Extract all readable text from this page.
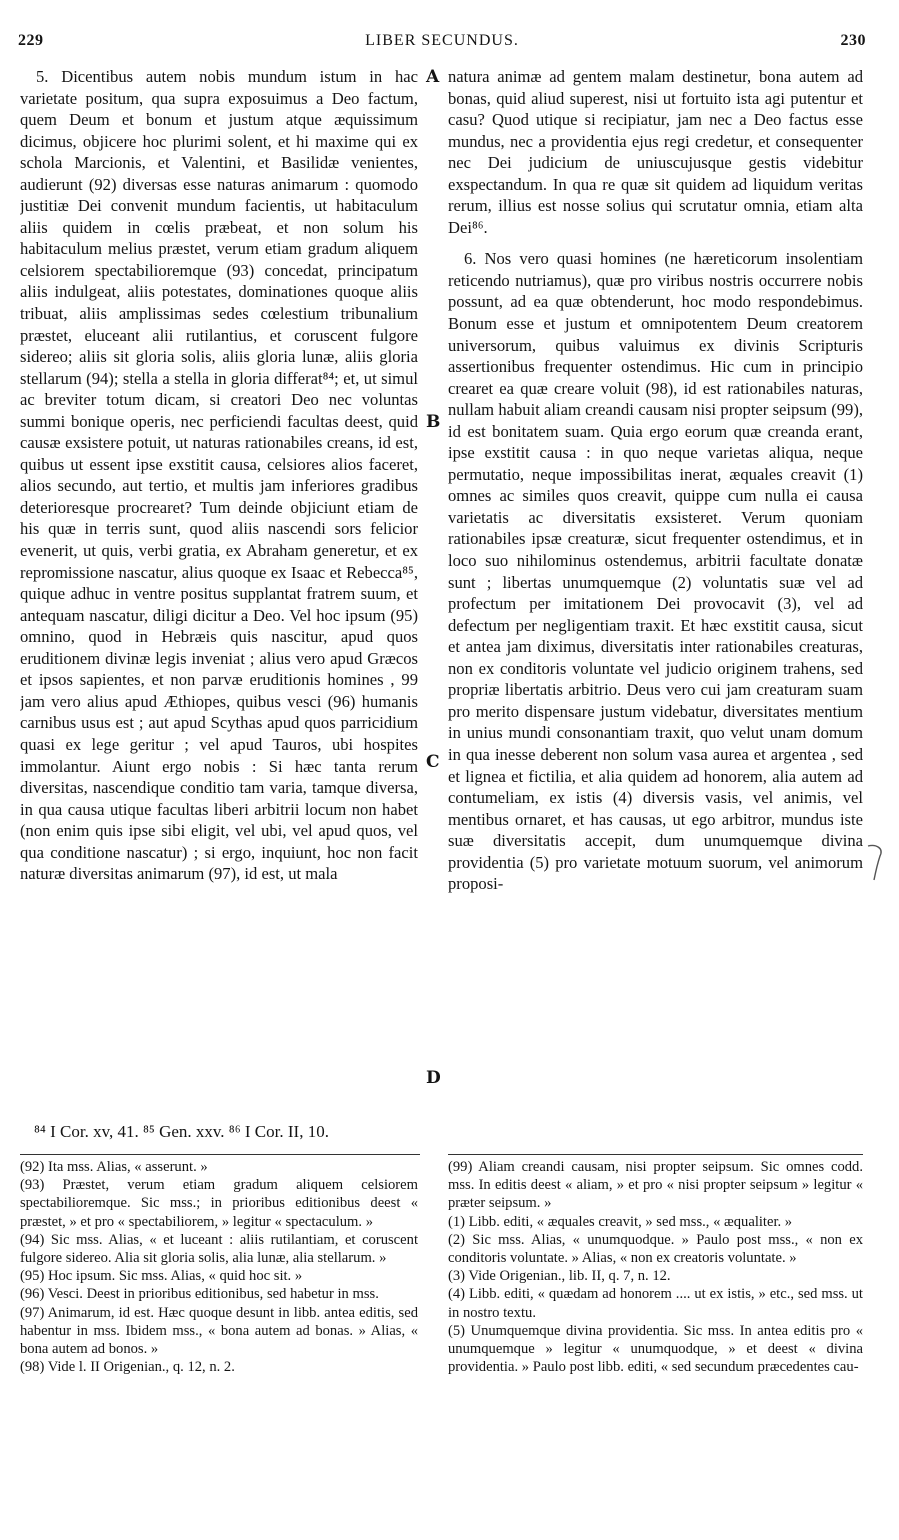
229	LIBER SECUNDUS.	230

5. Dicentibus autem nobis mundum istum in hac varietate positum, qua supra exposuimus a Deo factum, quem Deum et bonum et justum atque æquissimum dicimus, objicere hoc plurimi solent, et hi maxime qui ex schola Marcionis, et Valentini, et Basilidæ venientes, audierunt (92) diversas esse naturas animarum : quomodo justitiæ Dei convenit mundum facientis, ut habitaculum aliis quidem in cœlis præbeat, et non solum his habitaculum melius præstet, verum etiam gradum aliquem celsiorem spectabilioremque (93) concedat, principatum aliis indulgeat, aliis potestates, dominationes quoque aliis tribuat, aliis amplissimas sedes cœlestium tribunalium præstet, eluceant alii rutilantius, et coruscent fulgore sidereo; aliis sit gloria solis, aliis gloria lunæ, aliis gloria stellarum (94); stella a stella in gloria differat⁸⁴; et, ut simul ac breviter totum dicam, si creatori Deo nec voluntas summi bonique operis, nec perficiendi facultas deest, quid causæ exsistere potuit, ut naturas rationabiles creans, id est, quibus ut essent ipse exstitit causa, celsiores alios faceret, alios secundo, aut tertio, et multis jam inferiores gradibus deterioresque procrearet? Tum deinde objiciunt etiam de his quæ in terris sunt, quod aliis nascendi sors felicior evenerit, ut quis, verbi gratia, ex Abraham generetur, et ex repromissione nascatur, alius quoque ex Isaac et Rebecca⁸⁵, quique adhuc in ventre positus supplantat fratrem suum, et antequam nascatur, diligi dicitur a Deo. Vel hoc ipsum (95) omnino, quod in Hebræis quis nascitur, apud quos eruditionem divinæ legis inveniat ; alius vero apud Græcos et ipsos sapientes, et non parvæ eruditionis homines , 99 jam vero alius apud Æthiopes, quibus vesci (96) humanis carnibus usus est ; aut apud Scythas apud quos parricidium quasi ex lege geritur ; vel apud Tauros, ubi hospites immolantur. Aiunt ergo nobis : Si hæc tanta rerum diversitas, nascendique conditio tam varia, tamque diversa, in qua causa utique facultas liberi arbitrii locum non habet (non enim quis ipse sibi eligit, vel ubi, vel apud quos, vel qua conditione nascatur) ; si ergo, inquiunt, hoc non facit naturæ diversitas animarum (97), id est, ut mala

natura animæ ad gentem malam destinetur, bona autem ad bonas, quid aliud superest, nisi ut fortuito ista agi putentur et casu? Quod utique si recipiatur, jam nec a Deo factus esse mundus, nec a providentia ejus regi credetur, et consequenter nec Dei judicium de uniuscujusque gestis videbitur exspectandum. In qua re quæ sit quidem ad liquidum veritas rerum, illius est nosse solius qui scrutatur omnia, etiam alta Dei⁸⁶.

6. Nos vero quasi homines (ne hæreticorum insolentiam reticendo nutriamus), quæ pro viribus nostris occurrere nobis possunt, ad ea quæ obtenderunt, hoc modo respondebimus. Bonum esse et justum et omnipotentem Deum creatorem universorum, quibus valuimus ex divinis Scripturis assertionibus frequenter ostendimus. Hic cum in principio crearet ea quæ creare voluit (98), id est rationabiles naturas, nullam habuit aliam creandi causam nisi propter seipsum (99), id est bonitatem suam. Quia ergo eorum quæ creanda erant, ipse exstitit causa : in quo neque varietas aliqua, neque permutatio, neque impossibilitas inerat, æquales creavit (1) omnes ac similes quos creavit, quippe cum nulla ei causa varietatis ac diversitatis exsisteret. Verum quoniam rationabiles ipsæ creaturæ, sicut frequenter ostendimus, et in loco suo nihilominus ostendemus, arbitrii facultate donatæ sunt ; libertas unumquemque (2) voluntatis suæ vel ad profectum per imitationem Dei provocavit (3), vel ad defectum per negligentiam traxit. Et hæc exstitit causa, sicut et antea jam diximus, diversitatis inter rationabiles creaturas, non ex conditoris voluntate vel judicio originem trahens, sed propriæ libertatis arbitrio. Deus vero cui jam creaturam suam pro merito dispensare justum videbatur, diversitates mentium in unius mundi consonantiam traxit, quo velut unam domum in qua inesse deberent non solum vasa aurea et argentea , sed et lignea et fictilia, et alia quidem ad honorem, alia autem ad contumeliam, ex istis (4) diversis vasis, vel animis, vel mentibus ornaret, et has causas, ut ego arbitror, mundus iste suæ diversitatis accepit, dum unumquemque divina providentia (5) pro varietate motuum suorum, vel animorum proposi-

A
B
C
D
⁸⁴ I Cor. xv, 41. ⁸⁵ Gen. xxv. ⁸⁶ I Cor. II, 10.

(92) Ita mss. Alias, « asserunt. »

(93) Præstet, verum etiam gradum aliquem celsiorem spectabilioremque. Sic mss.; in prioribus editionibus deest « præstet, » et pro « spectabiliorem, » legitur « spectaculum. »

(94) Sic mss. Alias, « et luceant : aliis rutilantiam, et coruscent fulgore sidereo. Alia sit gloria solis, alia lunæ, alia stellarum. »

(95) Hoc ipsum. Sic mss. Alias, « quid hoc sit. »

(96) Vesci. Deest in prioribus editionibus, sed habetur in mss.

(97) Animarum, id est. Hæc quoque desunt in libb. antea editis, sed habentur in mss. Ibidem mss., « bona autem ad bonas. » Alias, « bona autem ad bonos. »

(98) Vide l. II Origenian., q. 12, n. 2.

(99) Aliam creandi causam, nisi propter seipsum. Sic omnes codd. mss. In editis deest « aliam, » et pro « nisi propter seipsum » legitur « præter seipsum. »

(1) Libb. editi, « æquales creavit, » sed mss., « æqualiter. »

(2) Sic mss. Alias, « unumquodque. » Paulo post mss., « non ex conditoris voluntate. » Alias, « non ex creatoris voluntate. »

(3) Vide Origenian., lib. II, q. 7, n. 12.

(4) Libb. editi, « quædam ad honorem .... ut ex istis, » etc., sed mss. ut in nostro textu.

(5) Unumquemque divina providentia. Sic mss. In antea editis pro « unumquemque » legitur « unumquodque, » et deest « divina providentia. » Paulo post libb. editi, « sed secundum præcedentes cau-
